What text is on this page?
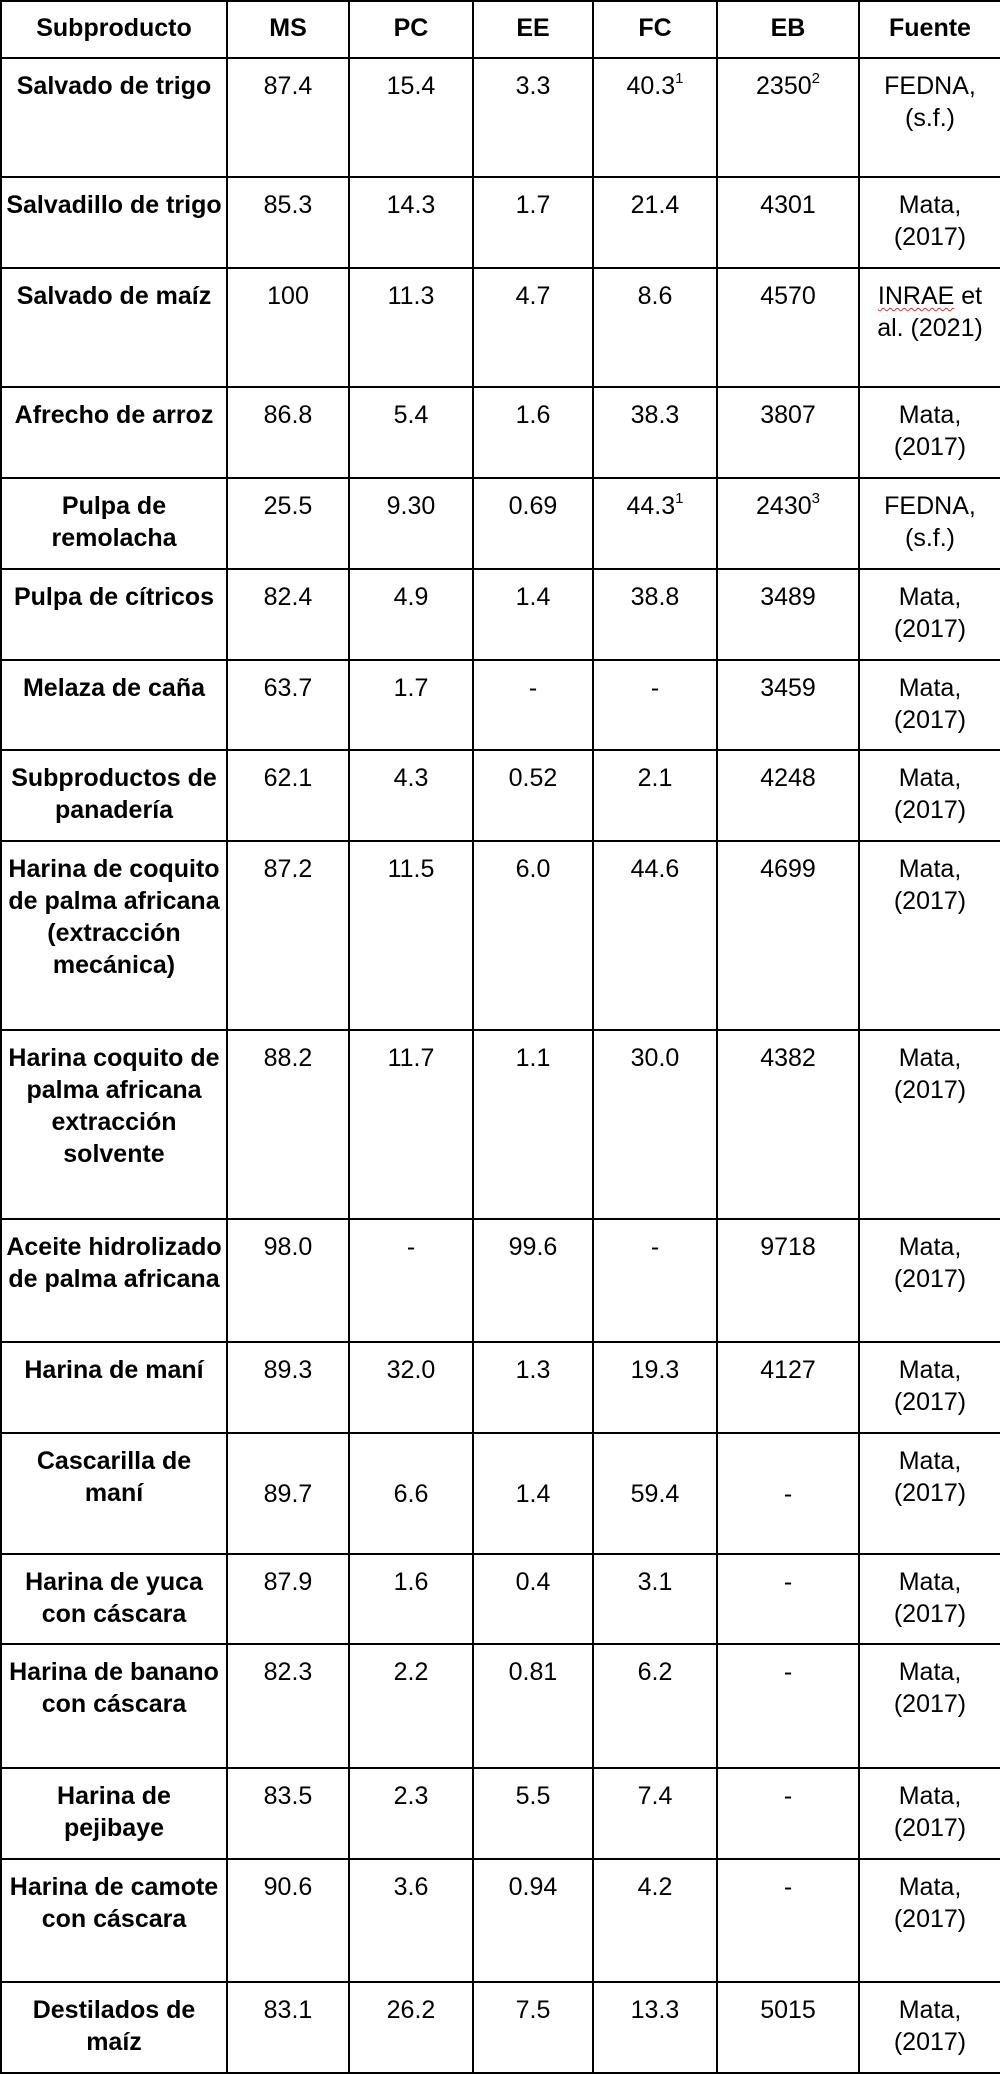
Subproducto	MS	PC	EE	FC	EB	Fuente
Salvado de trigo	87.4	15.4	3.3	40.3$^1$	2350$^2$	FEDNA,
(s.f.)
Salvadillo de trigo	85.3	14.3	1.7	21.4	4301	Mata,
(2017)
Salvado de maíz	100	11.3	4.7	8.6	4570	INRAE et al. (2021)
Afrecho de arroz	86.8	5.4	1.6	38.3	3807	Mata,
(2017)
Pulpa de remolacha	25.5	9.30	0.69	44.3$^1$	2430$^3$	FEDNA,
(s.f.)
Pulpa de cítricos	82.4	4.9	1.4	38.8	3489	Mata,
(2017)
Melaza de caña	63.7	1.7	-	-	3459	Mata,
(2017)
Subproductos de panadería	62.1	4.3	0.52	2.1	4248	Mata,
(2017)
Harina de coquito de palma africana (extracción mecánica)	87.2	11.5	6.0	44.6	4699	Mata,
(2017)
Harina coquito de palma africana extracción solvente	88.2	11.7	1.1	30.0	4382	Mata,
(2017)
Aceite hidrolizado de palma africana	98.0	-	99.6	-	9718	Mata,
(2017)
Harina de maní	89.3	32.0	1.3	19.3	4127	Mata,
(2017)
Cascarilla de maní	89.7	6.6	1.4	59.4	-	Mata,
(2017)
Harina de yuca con cáscara	87.9	1.6	0.4	3.1	-	Mata,
(2017)
Harina de banano con cáscara	82.3	2.2	0.81	6.2	-	Mata,
(2017)
Harina de pejibaye	83.5	2.3	5.5	7.4	-	Mata,
(2017)
Harina de camote con cáscara	90.6	3.6	0.94	4.2	-	Mata,
(2017)
Destilados de maíz	83.1	26.2	7.5	13.3	5015	Mata,
(2017)
